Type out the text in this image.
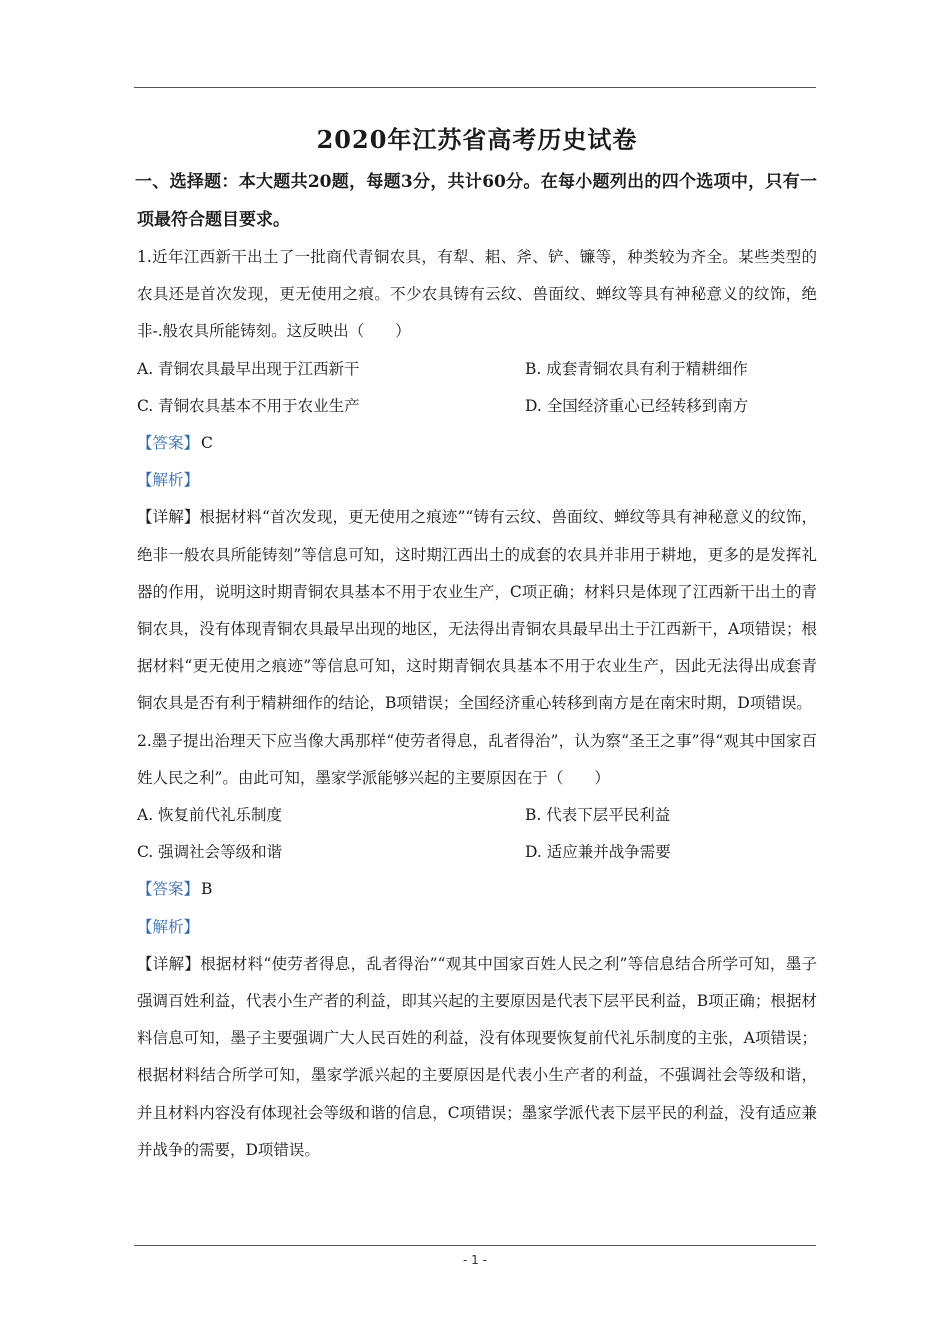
2020年江苏省高考历史试卷
一、选择题：本大题共20题，每题3分，共计60分。在每小题列出的四个选项中，只有一项最符合题目要求。

1.近年江西新干出土了一批商代青铜农具，有犁、耜、斧、铲、镰等，种类较为齐全。某些类型的农具还是首次发现，更无使用之痕。不少农具铸有云纹、兽面纹、蝉纹等具有神秘意义的纹饰，绝非-.般农具所能铸刻。这反映出（　　）

A. 青铜农具最早出现于江西新干	B. 成套青铜农具有利于精耕细作
C. 青铜农具基本不用于农业生产	D. 全国经济重心已经转移到南方

【答案】 C

【解析】

【详解】根据材料“首次发现，更无使用之痕迹”“铸有云纹、兽面纹、蝉纹等具有神秘意义的纹饰，绝非一般农具所能铸刻”等信息可知，这时期江西出土的成套的农具并非用于耕地，更多的是发挥礼器的作用，说明这时期青铜农具基本不用于农业生产，C项正确；材料只是体现了江西新干出土的青铜农具，没有体现青铜农具最早出现的地区，无法得出青铜农具最早出土于江西新干，A项错误；根据材料“更无使用之痕迹”等信息可知，这时期青铜农具基本不用于农业生产，因此无法得出成套青铜农具是否有利于精耕细作的结论，B项错误；全国经济重心转移到南方是在南宋时期，D项错误。

2.墨子提出治理天下应当像大禹那样“使劳者得息，乱者得治”，认为察“圣王之事”得“观其中国家百姓人民之利”。由此可知，墨家学派能够兴起的主要原因在于（　　）

A. 恢复前代礼乐制度	B. 代表下层平民利益
C. 强调社会等级和谐	D. 适应兼并战争需要

【答案】 B

【解析】

【详解】根据材料“使劳者得息，乱者得治”“观其中国家百姓人民之利”等信息结合所学可知，墨子强调百姓利益，代表小生产者的利益，即其兴起的主要原因是代表下层平民利益，B项正确；根据材料信息可知，墨子主要强调广大人民百姓的利益，没有体现要恢复前代礼乐制度的主张，A项错误；根据材料结合所学可知，墨家学派兴起的主要原因是代表小生产者的利益，不强调社会等级和谐，并且材料内容没有体现社会等级和谐的信息，C项错误；墨家学派代表下层平民的利益，没有适应兼并战争的需要，D项错误。

- 1 -
